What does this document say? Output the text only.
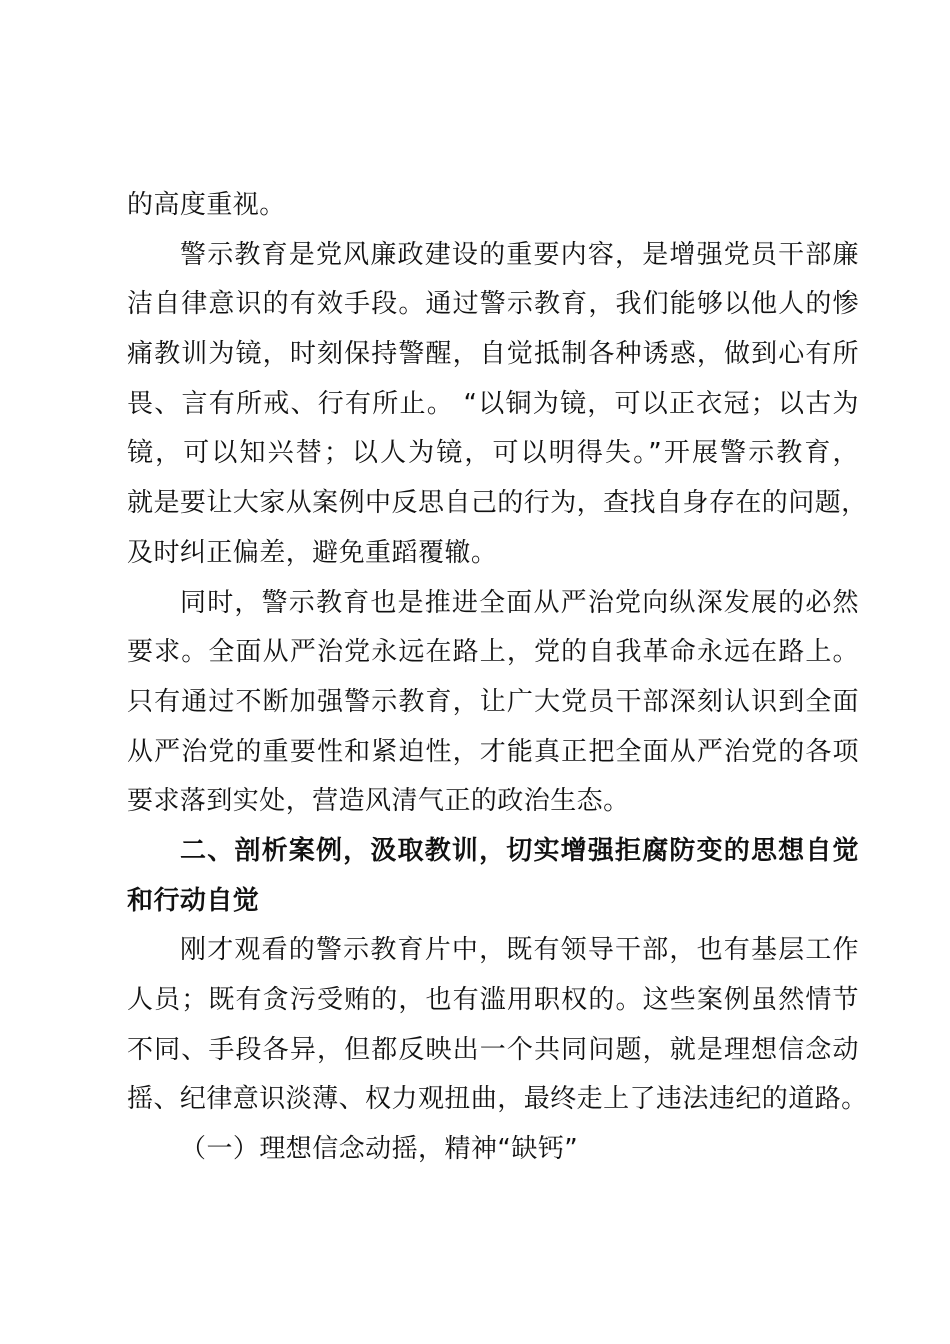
的高度重视。
警示教育是党风廉政建设的重要内容，是增强党员干部廉
洁自律意识的有效手段。通过警示教育，我们能够以他人的惨
痛教训为镜，时刻保持警醒，自觉抵制各种诱惑，做到心有所
畏、言有所戒、行有所止。 “以铜为镜，可以正衣冠；以古为
镜，可以知兴替；以人为镜，可以明得失。”开展警示教育，
就是要让大家从案例中反思自己的行为，查找自身存在的问题，
及时纠正偏差，避免重蹈覆辙。
同时，警示教育也是推进全面从严治党向纵深发展的必然
要求。全面从严治党永远在路上，党的自我革命永远在路上。
只有通过不断加强警示教育，让广大党员干部深刻认识到全面
从严治党的重要性和紧迫性，才能真正把全面从严治党的各项
要求落到实处，营造风清气正的政治生态。
二、剖析案例，汲取教训，切实增强拒腐防变的思想自觉
和行动自觉
刚才观看的警示教育片中，既有领导干部，也有基层工作
人员；既有贪污受贿的，也有滥用职权的。这些案例虽然情节
不同、手段各异，但都反映出一个共同问题，就是理想信念动
摇、纪律意识淡薄、权力观扭曲，最终走上了违法违纪的道路。
（一）理想信念动摇，精神“缺钙”
